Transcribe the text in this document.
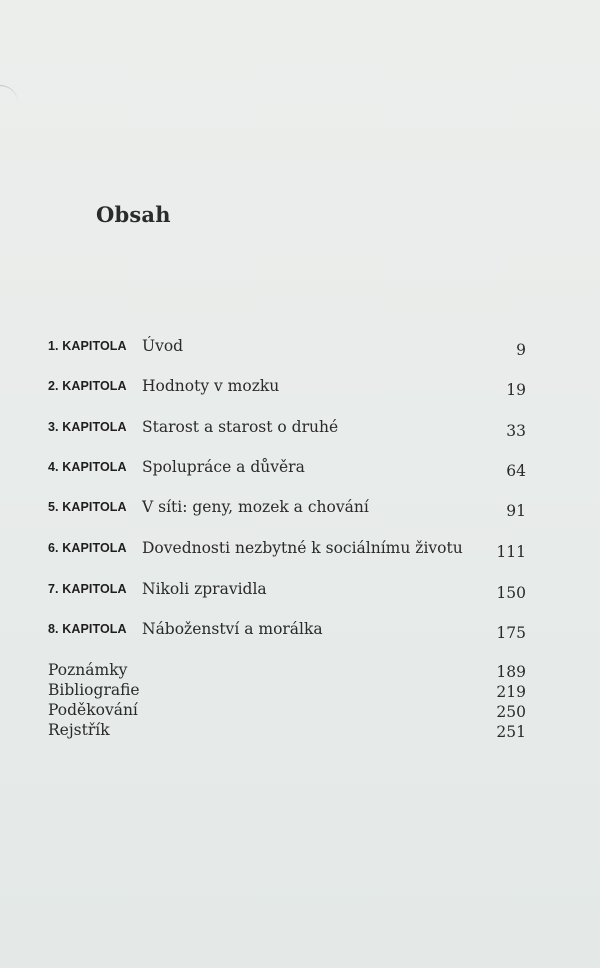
Obsah
1. KAPITOLA Úvod	9
2. KAPITOLA Hodnoty v mozku	19
3. KAPITOLA Starost a starost o druhé	33
4. KAPITOLA Spolupráce a důvěra	64
5. KAPITOLA V síti: geny, mozek a chování	91
6. KAPITOLA Dovednosti nezbytné k sociálnímu životu 111
7. KAPITOLA Nikoli zpravidla	150
8. KAPITOLA Náboženství a morálka	175
Poznámky	189
Bibliografie	219
Poděkování	250
Rejstřík	251
